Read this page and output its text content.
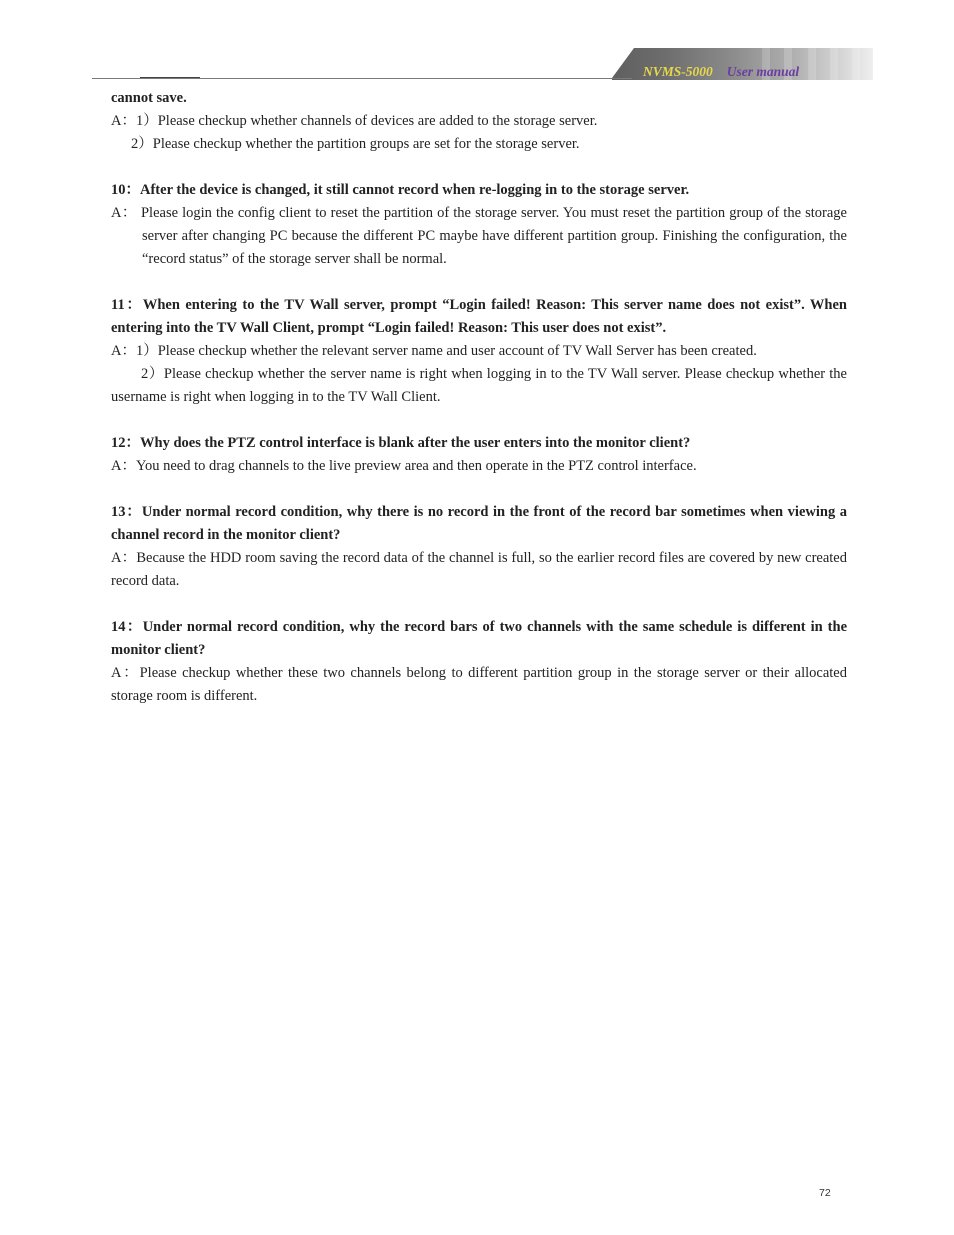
NVMS-5000 User manual
cannot save.
A：1）Please checkup whether channels of devices are added to the storage server.
2）Please checkup whether the partition groups are set for the storage server.
10：After the device is changed, it still cannot record when re-logging in to the storage server.
A： Please login the config client to reset the partition of the storage server. You must reset the partition group of the storage server after changing PC because the different PC maybe have different partition group. Finishing the configuration, the “record status” of the storage server shall be normal.
11：When entering to the TV Wall server, prompt “Login failed! Reason: This server name does not exist”. When entering into the TV Wall Client, prompt “Login failed! Reason: This user does not exist”.
A：1）Please checkup whether the relevant server name and user account of TV Wall Server has been created.
2）Please checkup whether the server name is right when logging in to the TV Wall server. Please checkup whether the username is right when logging in to the TV Wall Client.
12：Why does the PTZ control interface is blank after the user enters into the monitor client?
A：You need to drag channels to the live preview area and then operate in the PTZ control interface.
13：Under normal record condition, why there is no record in the front of the record bar sometimes when viewing a channel record in the monitor client?
A：Because the HDD room saving the record data of the channel is full, so the earlier record files are covered by new created record data.
14：Under normal record condition, why the record bars of two channels with the same schedule is different in the monitor client?
A：Please checkup whether these two channels belong to different partition group in the storage server or their allocated storage room is different.
72
